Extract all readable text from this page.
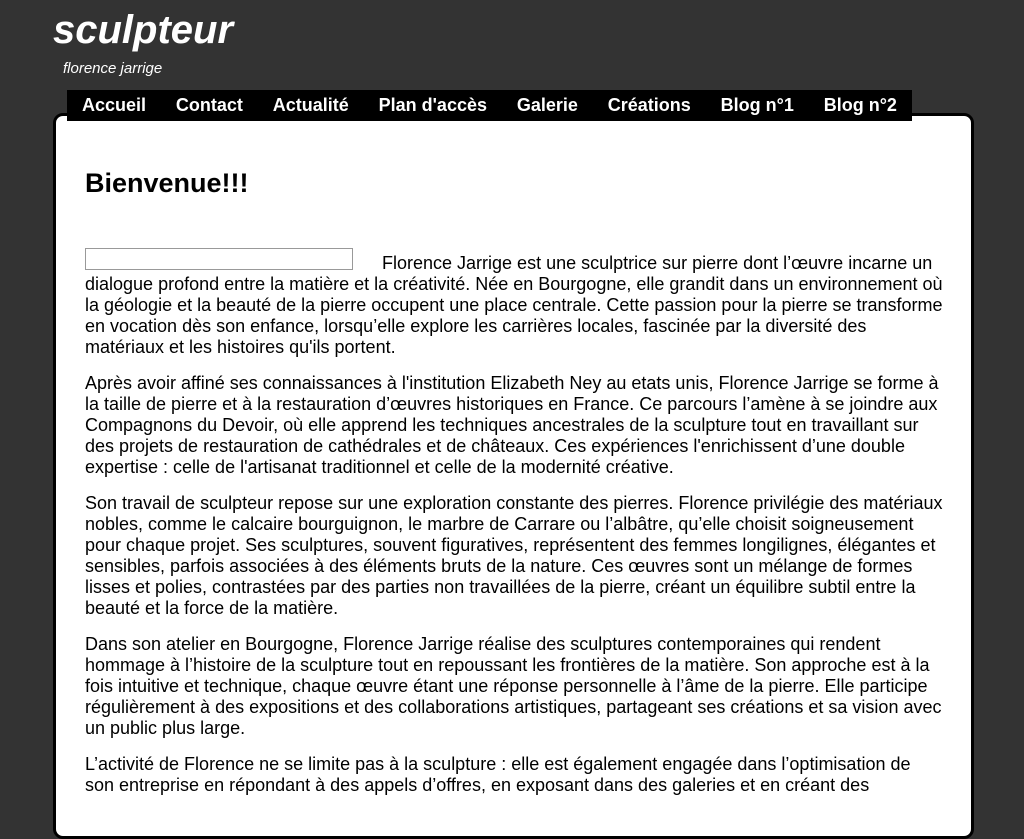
sculpteur
florence jarrige
Accueil Contact Actualité Plan d'accès Galerie Créations Blog n°1 Blog n°2
Bienvenue!!!

Florence Jarrige est une sculptrice sur pierre dont l’œuvre incarne un dialogue profond entre la matière et la créativité. Née en Bourgogne, elle grandit dans un environnement où la géologie et la beauté de la pierre occupent une place centrale. Cette passion pour la pierre se transforme en vocation dès son enfance, lorsqu’elle explore les carrières locales, fascinée par la diversité des matériaux et les histoires qu'ils portent.

Après avoir affiné ses connaissances à l'institution Elizabeth Ney au etats unis, Florence Jarrige se forme à la taille de pierre et à la restauration d’œuvres historiques en France. Ce parcours l’amène à se joindre aux Compagnons du Devoir, où elle apprend les techniques ancestrales de la sculpture tout en travaillant sur des projets de restauration de cathédrales et de châteaux. Ces expériences l'enrichissent d’une double expertise : celle de l'artisanat traditionnel et celle de la modernité créative.

Son travail de sculpteur repose sur une exploration constante des pierres. Florence privilégie des matériaux nobles, comme le calcaire bourguignon, le marbre de Carrare ou l’albâtre, qu’elle choisit soigneusement pour chaque projet. Ses sculptures, souvent figuratives, représentent des femmes longilignes, élégantes et sensibles, parfois associées à des éléments bruts de la nature. Ces œuvres sont un mélange de formes lisses et polies, contrastées par des parties non travaillées de la pierre, créant un équilibre subtil entre la beauté et la force de la matière.

Dans son atelier en Bourgogne, Florence Jarrige réalise des sculptures contemporaines qui rendent hommage à l’histoire de la sculpture tout en repoussant les frontières de la matière. Son approche est à la fois intuitive et technique, chaque œuvre étant une réponse personnelle à l’âme de la pierre. Elle participe régulièrement à des expositions et des collaborations artistiques, partageant ses créations et sa vision avec un public plus large.

L’activité de Florence ne se limite pas à la sculpture : elle est également engagée dans l’optimisation de son entreprise en répondant à des appels d’offres, en exposant dans des galeries et en créant des
